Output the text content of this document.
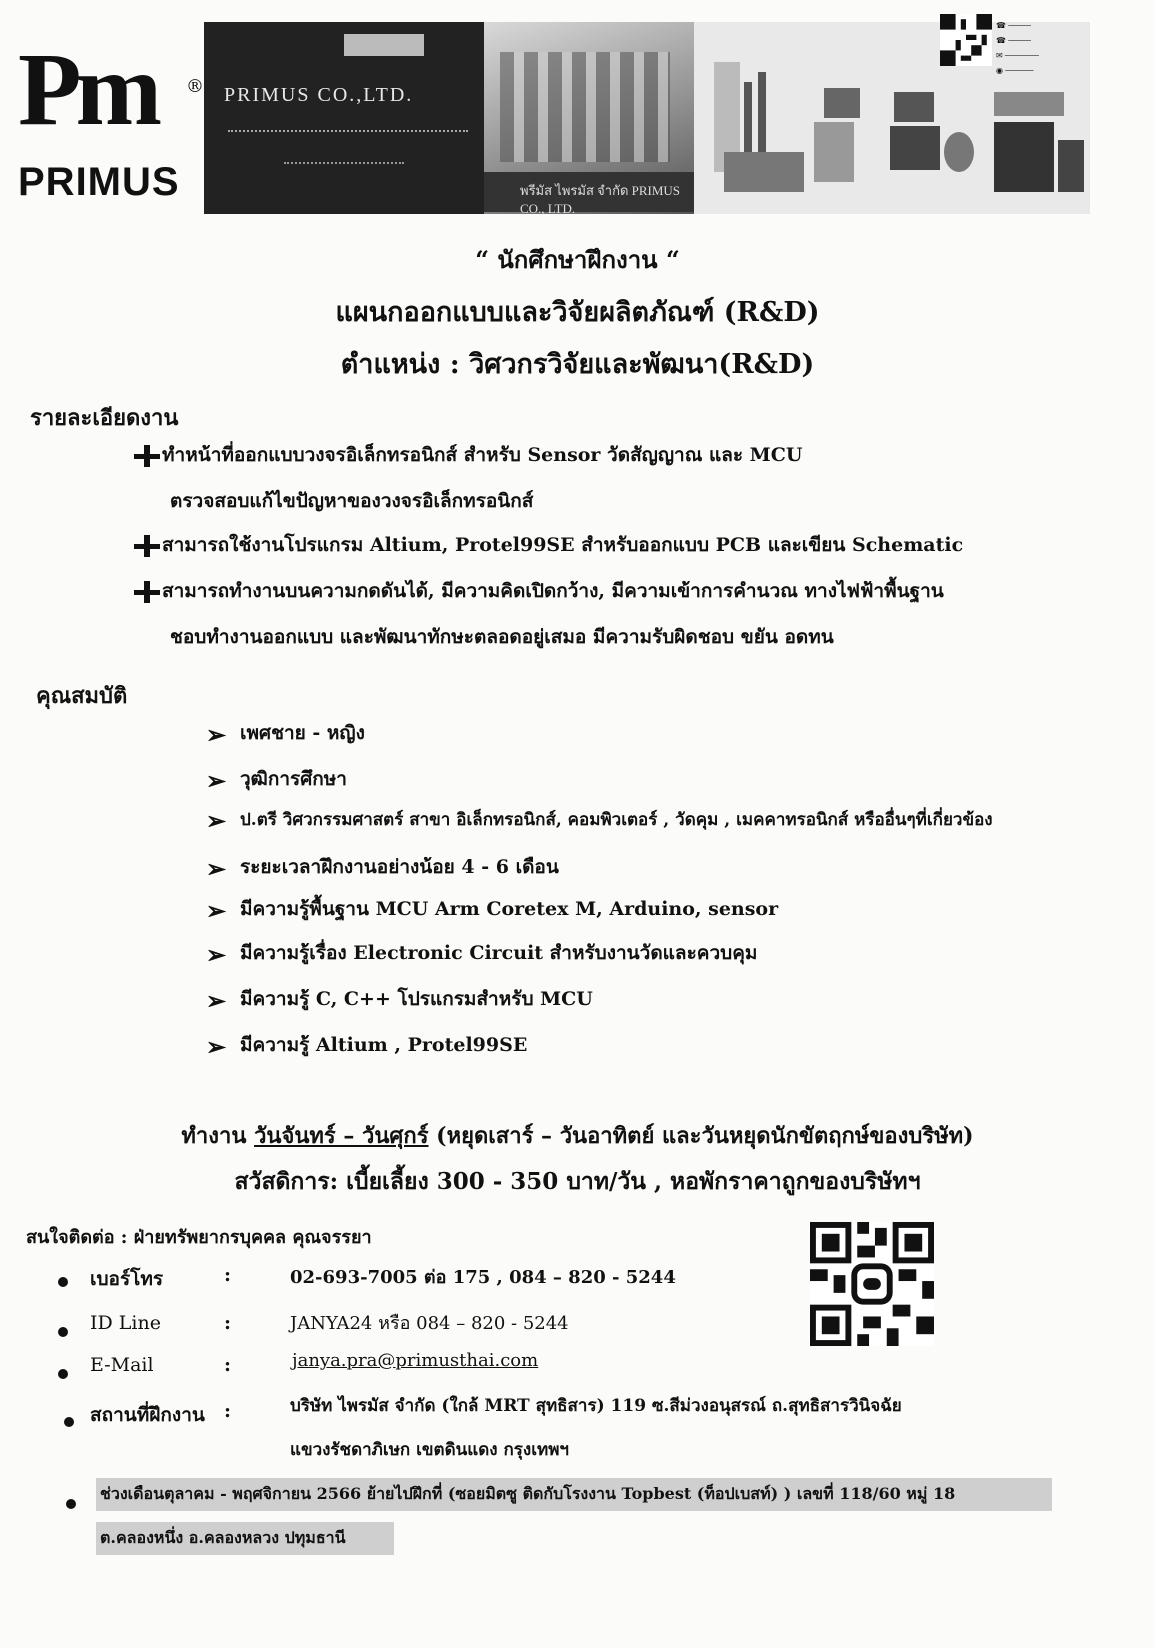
Pm ®
PRIMUS
PRIMUS CO.,LTD.
พรีมัส ไพรมัส จำกัด PRIMUS CO., LTD.
☎ ────
☎ ────
✉ ──────
◉ ─────
“ นักศึกษาฝึกงาน “
แผนกออกแบบและวิจัยผลิตภัณฑ์ (R&D)
ตำแหน่ง : วิศวกรวิจัยและพัฒนา(R&D)
รายละเอียดงาน
ทำหน้าที่ออกแบบวงจรอิเล็กทรอนิกส์ สำหรับ Sensor วัดสัญญาณ และ MCU
ตรวจสอบแก้ไขปัญหาของวงจรอิเล็กทรอนิกส์
สามารถใช้งานโปรแกรม Altium, Protel99SE สำหรับออกแบบ PCB และเขียน Schematic
สามารถทำงานบนความกดดันได้, มีความคิดเปิดกว้าง, มีความเข้าการคำนวณ ทางไฟฟ้าพื้นฐาน
ชอบทำงานออกแบบ และพัฒนาทักษะตลอดอยู่เสมอ มีความรับผิดชอบ ขยัน อดทน
คุณสมบัติ
➢ เพศชาย - หญิง
➢ วุฒิการศึกษา
➢ ป.ตรี วิศวกรรมศาสตร์ สาขา อิเล็กทรอนิกส์, คอมพิวเตอร์ , วัดคุม , เมคคาทรอนิกส์ หรืออื่นๆที่เกี่ยวข้อง
➢ ระยะเวลาฝึกงานอย่างน้อย 4 - 6 เดือน
➢ มีความรู้พื้นฐาน MCU Arm Coretex M, Arduino, sensor
➢ มีความรู้เรื่อง Electronic Circuit สำหรับงานวัดและควบคุม
➢ มีความรู้ C, C++ โปรแกรมสำหรับ MCU
➢ มีความรู้ Altium , Protel99SE
ทำงาน วันจันทร์ – วันศุกร์ (หยุดเสาร์ – วันอาทิตย์ และวันหยุดนักขัตฤกษ์ของบริษัท)
สวัสดิการ: เบี้ยเลี้ยง 300 - 350 บาท/วัน , หอพักราคาถูกของบริษัทฯ
สนใจติดต่อ : ฝ่ายทรัพยากรบุคคล คุณจรรยา
เบอร์โทร	:	02-693-7005 ต่อ 175 , 084 – 820 - 5244
ID Line	:	JANYA24 หรือ 084 – 820 - 5244
E-Mail	:	janya.pra@primusthai.com
สถานที่ฝึกงาน :	บริษัท ไพรมัส จำกัด (ใกล้ MRT สุทธิสาร) 119 ซ.สีม่วงอนุสรณ์ ถ.สุทธิสารวินิจฉัย
แขวงรัชดาภิเษก เขตดินแดง กรุงเทพฯ
ช่วงเดือนตุลาคม - พฤศจิกายน 2566 ย้ายไปฝึกที่ (ซอยมิตซู ติดกับโรงงาน Topbest (ท็อปเบสท์) ) เลขที่ 118/60 หมู่ 18
ต.คลองหนึ่ง อ.คลองหลวง ปทุมธานี
